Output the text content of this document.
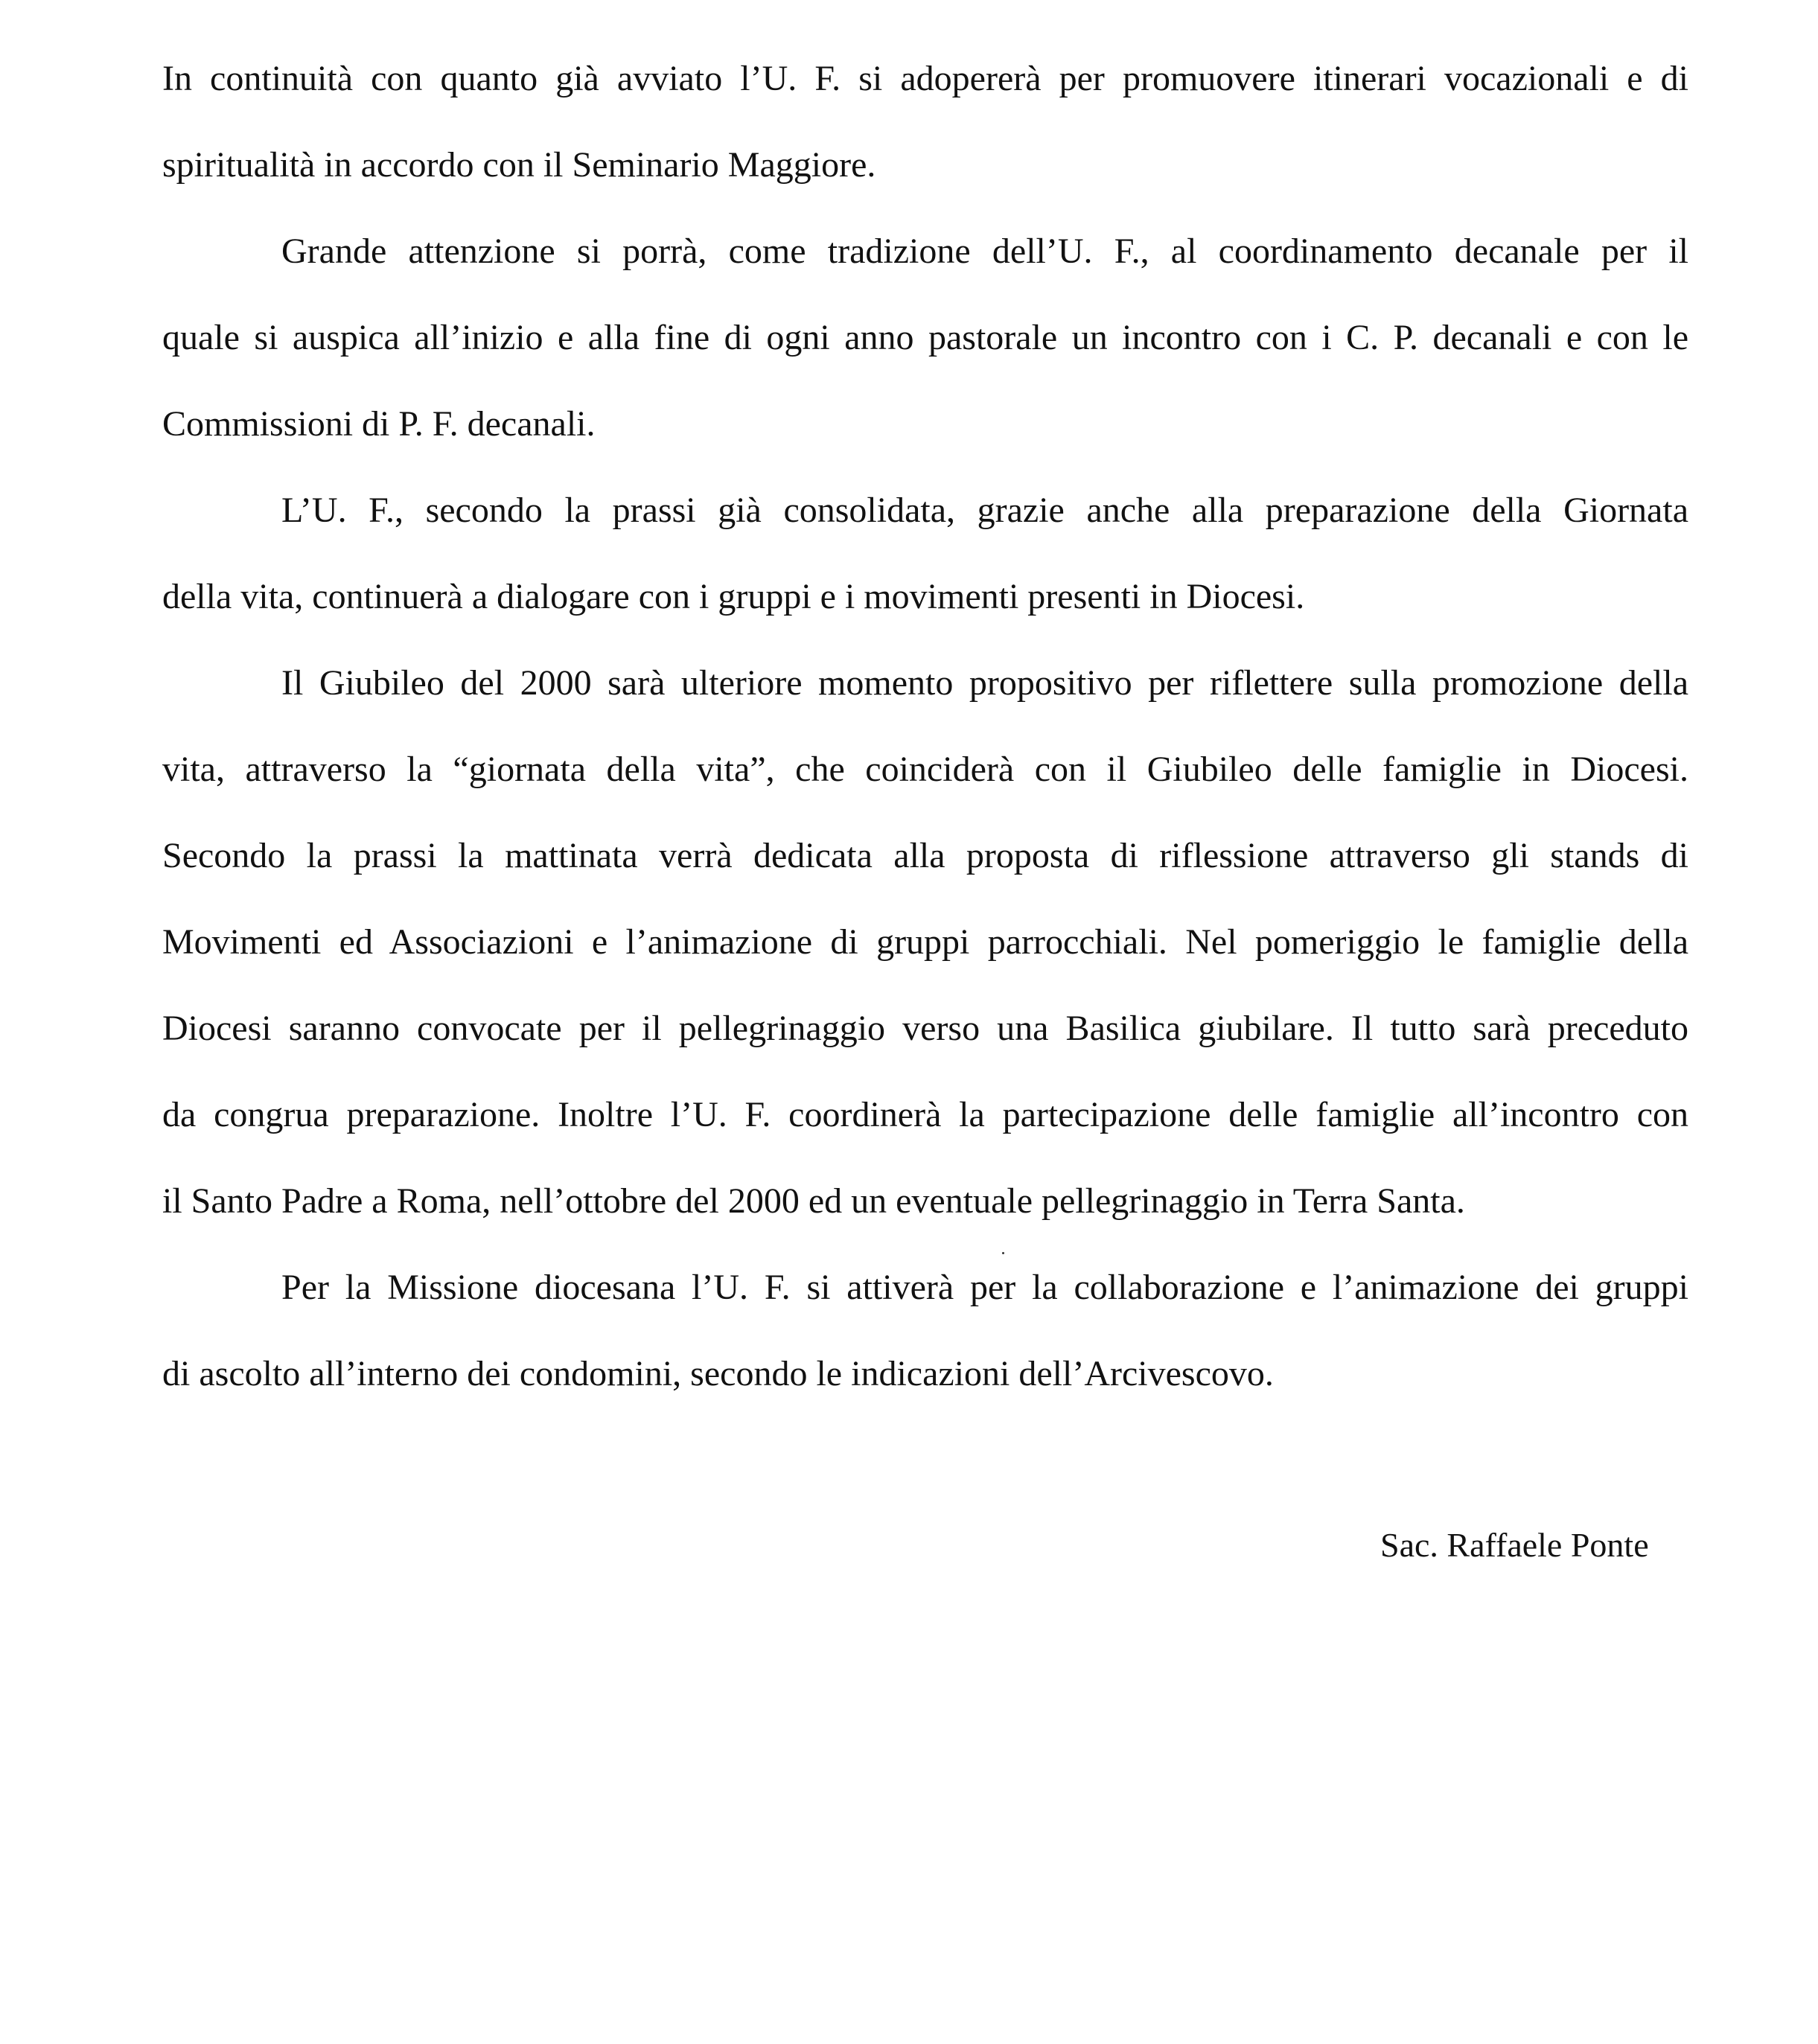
In continuità con quanto già avviato l’U. F. si adopererà per promuovere itinerari vocazionali e di
spiritualità in accordo con il Seminario Maggiore.
Grande attenzione si porrà, come tradizione dell’U. F., al coordinamento decanale per il
quale si auspica all’inizio e alla fine di ogni anno pastorale un incontro con i C. P. decanali e con le
Commissioni di P. F. decanali.
L’U. F., secondo la prassi già consolidata, grazie anche alla preparazione della Giornata
della vita, continuerà a dialogare con i gruppi e i movimenti presenti in Diocesi.
Il Giubileo del 2000 sarà ulteriore momento propositivo per riflettere sulla promozione della
vita, attraverso la “giornata della vita”, che coinciderà con il Giubileo delle famiglie in Diocesi.
Secondo la prassi la mattinata verrà dedicata alla proposta di riflessione attraverso gli stands di
Movimenti ed Associazioni e l’animazione di gruppi parrocchiali. Nel pomeriggio le famiglie della
Diocesi saranno convocate per il pellegrinaggio verso una Basilica giubilare. Il tutto sarà preceduto
da congrua preparazione. Inoltre l’U. F. coordinerà la partecipazione delle famiglie all’incontro con
il Santo Padre a Roma, nell’ottobre del 2000 ed un eventuale pellegrinaggio in Terra Santa.
Per la Missione diocesana l’U. F. si attiverà per la collaborazione e l’animazione dei gruppi
di ascolto all’interno dei condomini, secondo le indicazioni dell’Arcivescovo.
Sac. Raffaele Ponte
